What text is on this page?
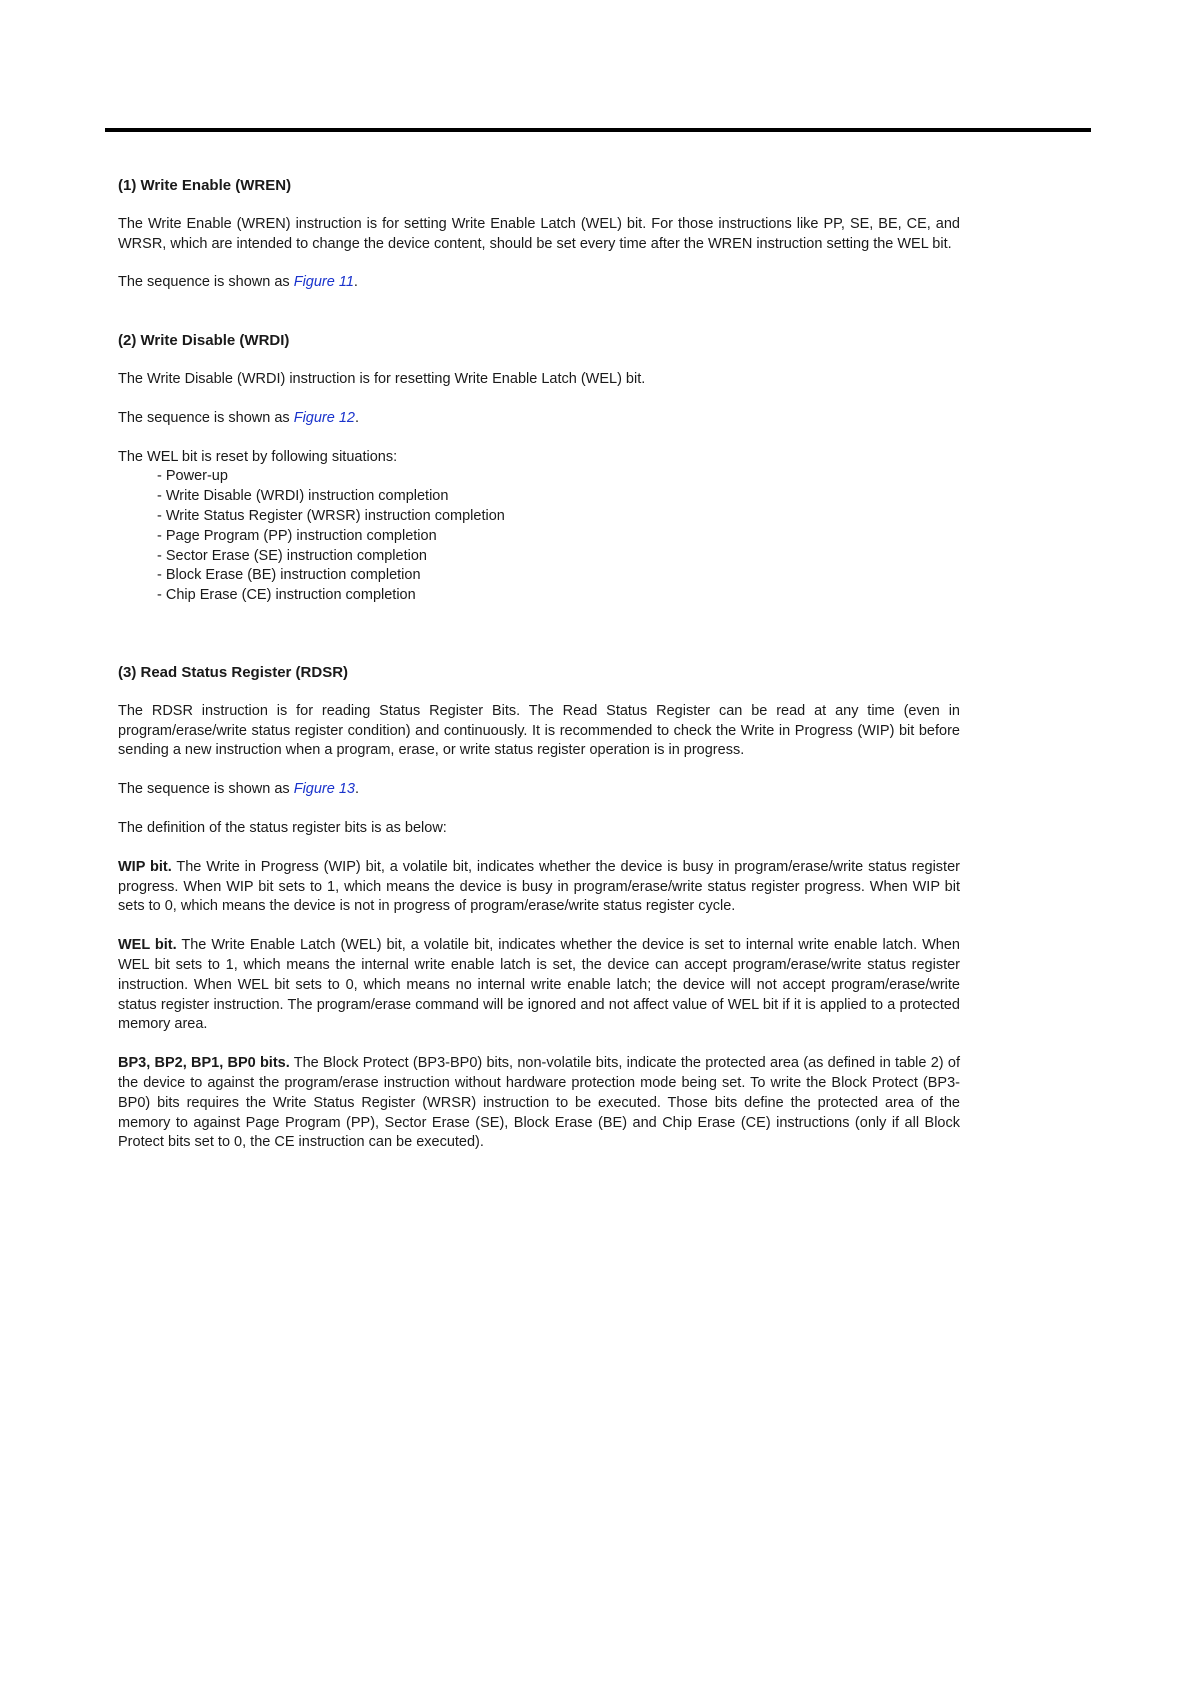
(1) Write Enable (WREN)

The Write Enable (WREN) instruction is for setting Write Enable Latch (WEL) bit. For those instructions like PP, SE, BE, CE, and WRSR, which are intended to change the device content, should be set every time after the WREN instruction setting the WEL bit.

The sequence is shown as Figure 11.

(2) Write Disable (WRDI)

The Write Disable (WRDI) instruction is for resetting Write Enable Latch (WEL) bit.

The sequence is shown as Figure 12.

The WEL bit is reset by following situations:

- Power-up
- Write Disable (WRDI) instruction completion
- Write Status Register (WRSR) instruction completion
- Page Program (PP) instruction completion
- Sector Erase (SE) instruction completion
- Block Erase (BE) instruction completion
- Chip Erase (CE) instruction completion

(3) Read Status Register (RDSR)

The RDSR instruction is for reading Status Register Bits. The Read Status Register can be read at any time (even in program/erase/write status register condition) and continuously. It is recommended to check the Write in Progress (WIP) bit before sending a new instruction when a program, erase, or write status register operation is in progress.

The sequence is shown as Figure 13.

The definition of the status register bits is as below:

WIP bit. The Write in Progress (WIP) bit, a volatile bit, indicates whether the device is busy in program/erase/write status register progress. When WIP bit sets to 1, which means the device is busy in program/erase/write status register progress. When WIP bit sets to 0, which means the device is not in progress of program/erase/write status register cycle.

WEL bit. The Write Enable Latch (WEL) bit, a volatile bit, indicates whether the device is set to internal write enable latch. When WEL bit sets to 1, which means the internal write enable latch is set, the device can accept program/erase/write status register instruction. When WEL bit sets to 0, which means no internal write enable latch; the device will not accept program/erase/write status register instruction. The program/erase command will be ignored and not affect value of WEL bit if it is applied to a protected memory area.

BP3, BP2, BP1, BP0 bits. The Block Protect (BP3-BP0) bits, non-volatile bits, indicate the protected area (as defined in table 2) of the device to against the program/erase instruction without hardware protection mode being set. To write the Block Protect (BP3-BP0) bits requires the Write Status Register (WRSR) instruction to be executed. Those bits define the protected area of the memory to against Page Program (PP), Sector Erase (SE), Block Erase (BE) and Chip Erase (CE) instructions (only if all Block Protect bits set to 0, the CE instruction can be executed).
